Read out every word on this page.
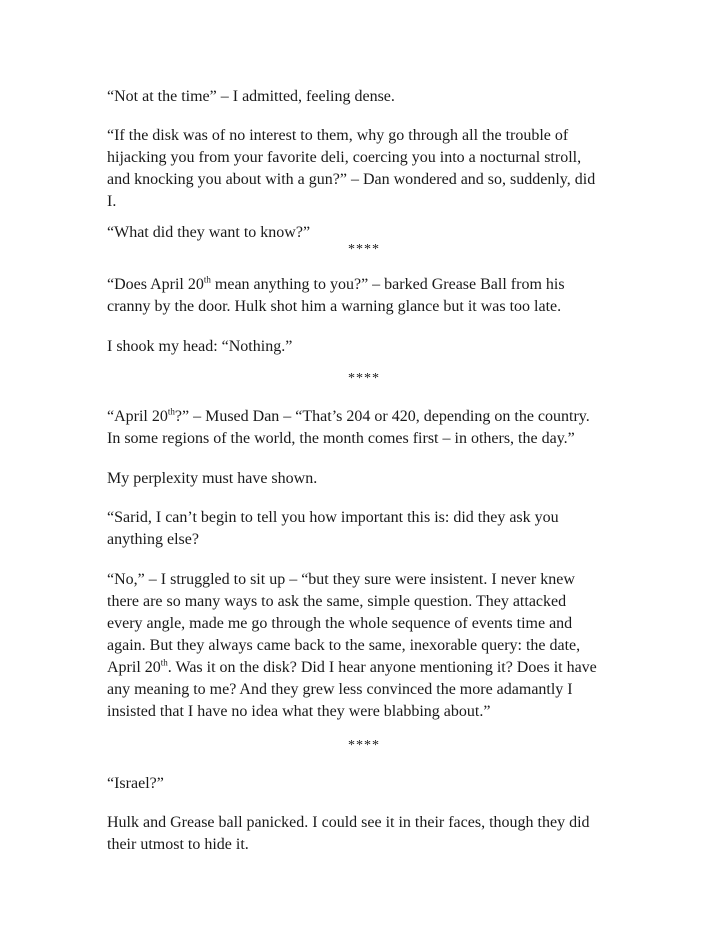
“Not at the time” – I admitted, feeling dense.
“If the disk was of no interest to them, why go through all the trouble of
hijacking you from your favorite deli, coercing you into a nocturnal stroll,
and knocking you about with a gun?” – Dan wondered and so, suddenly, did
I.
“What did they want to know?”
****
“Does April 20th mean anything to you?” – barked Grease Ball from his
cranny by the door. Hulk shot him a warning glance but it was too late.
I shook my head: “Nothing.”
****
“April 20th?” – Mused Dan – “That’s 204 or 420, depending on the country.
In some regions of the world, the month comes first – in others, the day.”
My perplexity must have shown.
“Sarid, I can’t begin to tell you how important this is: did they ask you
anything else?
“No,” – I struggled to sit up – “but they sure were insistent. I never knew
there are so many ways to ask the same, simple question. They attacked
every angle, made me go through the whole sequence of events time and
again. But they always came back to the same, inexorable query: the date,
April 20th. Was it on the disk? Did I hear anyone mentioning it? Does it have
any meaning to me? And they grew less convinced the more adamantly I
insisted that I have no idea what they were blabbing about.”
****
“Israel?”
Hulk and Grease ball panicked. I could see it in their faces, though they did
their utmost to hide it.
